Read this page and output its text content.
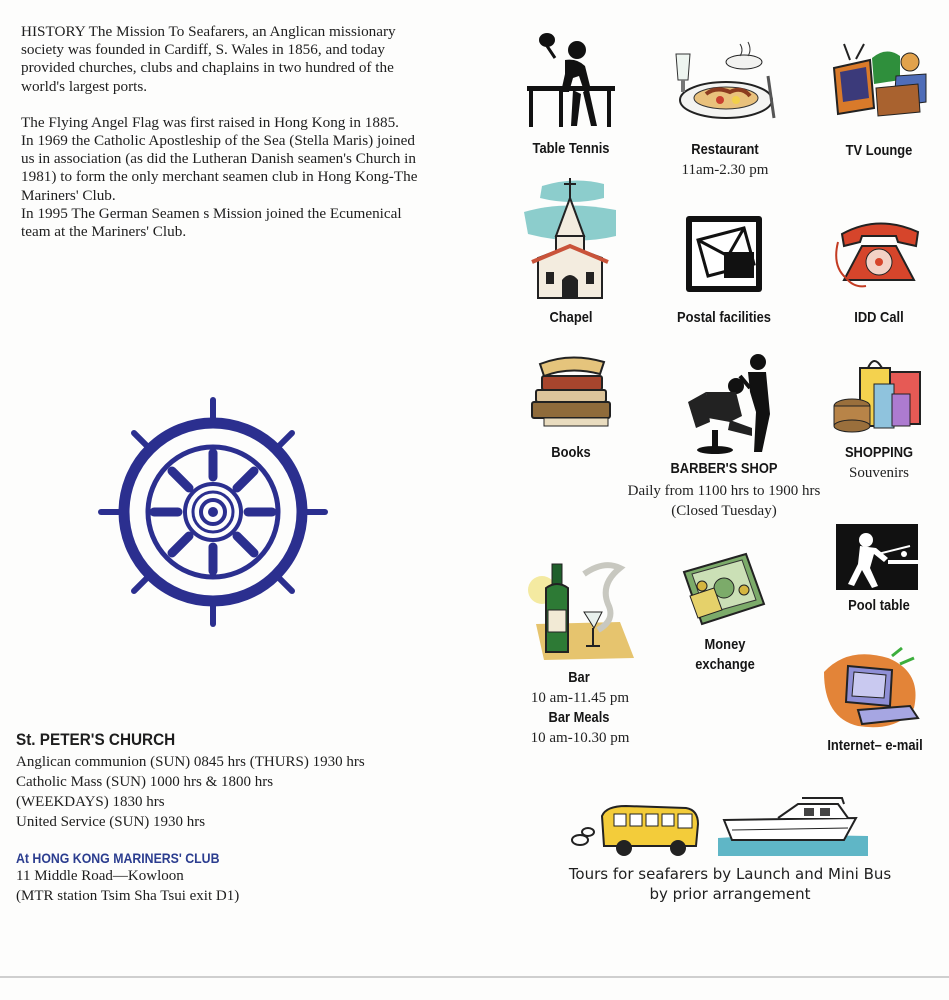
HISTORY The Mission To Seafarers, an Anglican missionary society was founded in Cardiff, S. Wales in 1856, and today provided churches, clubs and chaplains in two hundred of the world's largest ports.

The Flying Angel Flag was first raised in Hong Kong in 1885.

In 1969 the Catholic Apostleship of the Sea (Stella Maris) joined us in association (as did the Lutheran Danish seamen's Church in 1981) to form the only merchant seamen club in Hong Kong-The Mariners' Club.

In 1995 The German Seamen s Mission joined the Ecumenical team at the Mariners' Club.

Table Tennis	Restaurant
11am-2.30 pm
TV Lounge
Chapel	Postal facilities	IDD Call
Books
BARBER'S SHOP
Daily from 1100 hrs to 1900 hrs
(Closed Tuesday)
SHOPPING
Souvenirs
Pool table
Money
exchange
Bar
10 am-11.45 pm
Bar Meals
10 am-10.30 pm	Internet– e-mail
Tours for seafarers by Launch and Mini Bus
by prior arrangement
St. PETER'S CHURCH
Anglican communion (SUN) 0845 hrs (THURS) 1930 hrs
Catholic Mass (SUN) 1000 hrs & 1800 hrs
(WEEKDAYS) 1830 hrs
United Service (SUN) 1930 hrs
At HONG KONG MARINERS' CLUB
11 Middle Road—Kowloon
(MTR station Tsim Sha Tsui exit D1)
